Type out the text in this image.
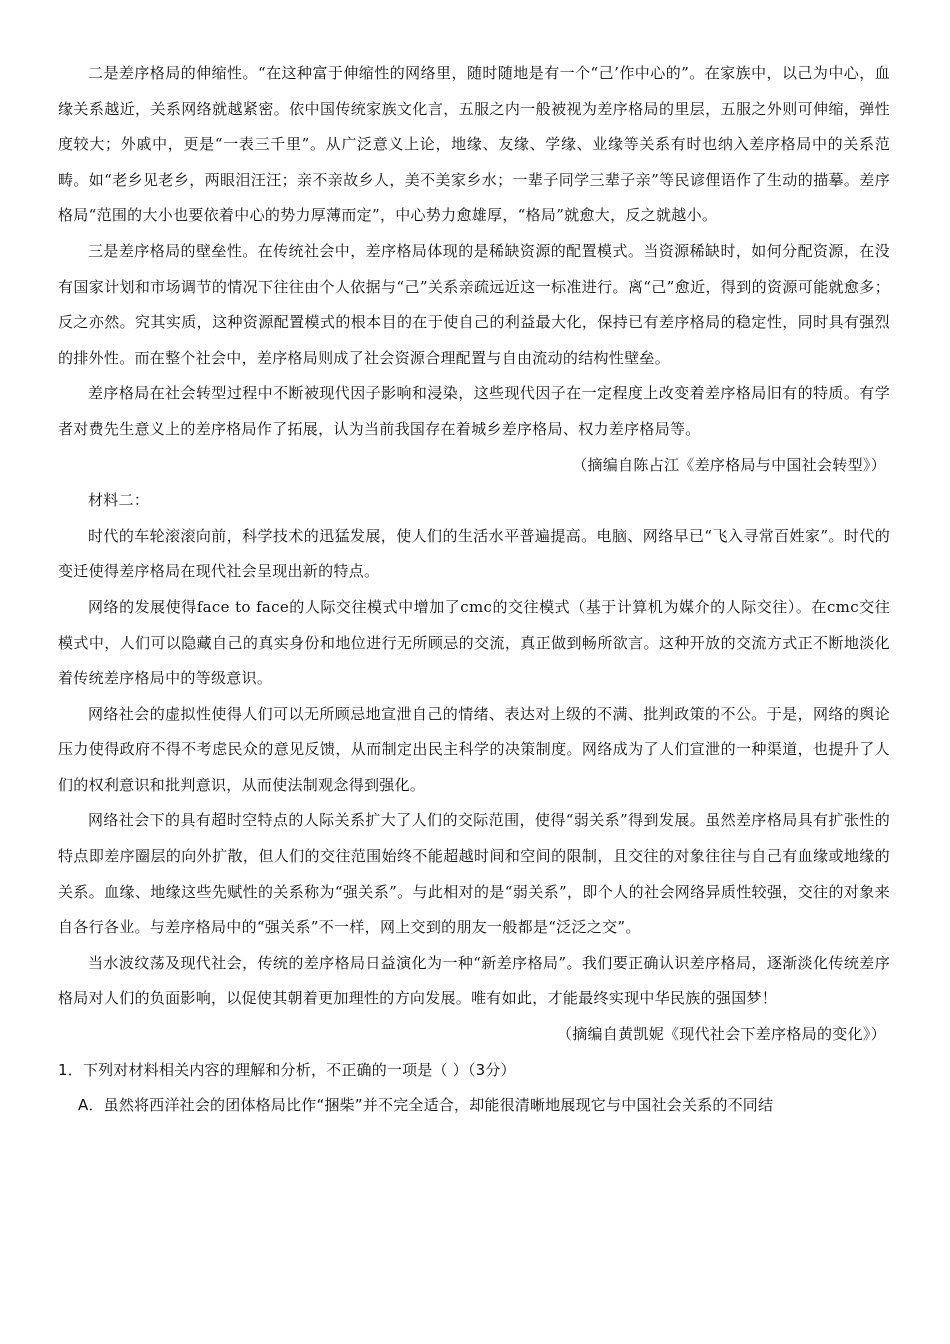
二是差序格局的伸缩性。“在这种富于伸缩性的网络里，随时随地是有一个“己’作中心的”。在家族中，以己为中心，血缘关系越近，关系网络就越紧密。依中国传统家族文化言，五服之内一般被视为差序格局的里层，五服之外则可伸缩，弹性度较大；外戚中，更是“一表三千里”。从广泛意义上论，地缘、友缘、学缘、业缘等关系有时也纳入差序格局中的关系范畴。如“老乡见老乡，两眼泪汪汪；亲不亲故乡人，美不美家乡水；一辈子同学三辈子亲”等民谚俚语作了生动的描摹。差序格局“范围的大小也要依着中心的势力厚薄而定”，中心势力愈雄厚，“格局”就愈大，反之就越小。

三是差序格局的壁垒性。在传统社会中，差序格局体现的是稀缺资源的配置模式。当资源稀缺时，如何分配资源，在没有国家计划和市场调节的情况下往往由个人依据与“己”关系亲疏远近这一标准进行。离“己”愈近，得到的资源可能就愈多；反之亦然。究其实质，这种资源配置模式的根本目的在于使自己的利益最大化，保持已有差序格局的稳定性，同时具有强烈的排外性。而在整个社会中，差序格局则成了社会资源合理配置与自由流动的结构性壁垒。

差序格局在社会转型过程中不断被现代因子影响和浸染，这些现代因子在一定程度上改变着差序格局旧有的特质。有学者对费先生意义上的差序格局作了拓展，认为当前我国存在着城乡差序格局、权力差序格局等。

（摘编自陈占江《差序格局与中国社会转型》）

材料二：

时代的车轮滚滚向前，科学技术的迅猛发展，使人们的生活水平普遍提高。电脑、网络早已“飞入寻常百姓家”。时代的变迁使得差序格局在现代社会呈现出新的特点。

网络的发展使得face to face的人际交往模式中增加了cmc的交往模式（基于计算机为媒介的人际交往）。在cmc交往模式中，人们可以隐藏自己的真实身份和地位进行无所顾忌的交流，真正做到畅所欲言。这种开放的交流方式正不断地淡化着传统差序格局中的等级意识。

网络社会的虚拟性使得人们可以无所顾忌地宣泄自己的情绪、表达对上级的不满、批判政策的不公。于是，网络的舆论压力使得政府不得不考虑民众的意见反馈，从而制定出民主科学的决策制度。网络成为了人们宣泄的一种渠道，也提升了人们的权利意识和批判意识，从而使法制观念得到强化。

网络社会下的具有超时空特点的人际关系扩大了人们的交际范围，使得“弱关系”得到发展。虽然差序格局具有扩张性的特点即差序圈层的向外扩散，但人们的交往范围始终不能超越时间和空间的限制，且交往的对象往往与自己有血缘或地缘的关系。血缘、地缘这些先赋性的关系称为“强关系”。与此相对的是“弱关系”，即个人的社会网络异质性较强，交往的对象来自各行各业。与差序格局中的“强关系”不一样，网上交到的朋友一般都是“泛泛之交”。

当水波纹荡及现代社会，传统的差序格局日益演化为一种“新差序格局”。我们要正确认识差序格局，逐渐淡化传统差序格局对人们的负面影响，以促使其朝着更加理性的方向发展。唯有如此，才能最终实现中华民族的强国梦！

（摘编自黄凯妮《现代社会下差序格局的变化》）

1．下列对材料相关内容的理解和分析，不正确的一项是（ ）（3分）

A．虽然将西洋社会的团体格局比作“捆柴”并不完全适合，却能很清晰地展现它与中国社会关系的不同结
